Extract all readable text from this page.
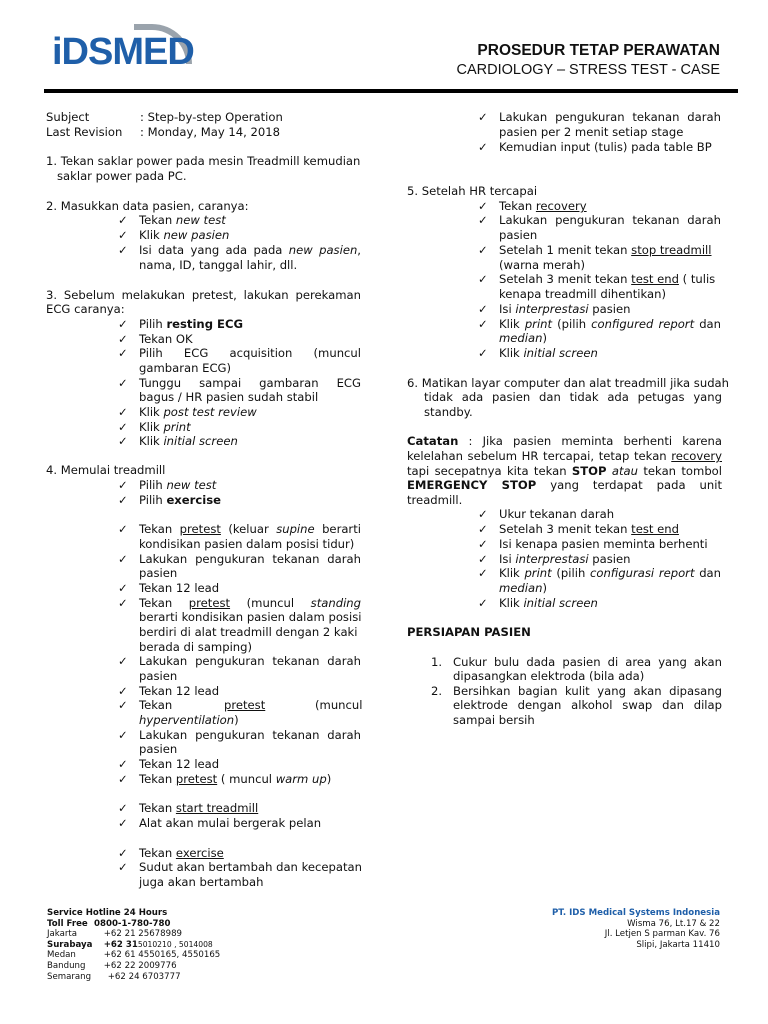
iDSMED	PROSEDUR TETAP PERAWATAN
CARDIOLOGY – STRESS TEST - CASE
Subject	: Step-by-step Operation
Last Revision : Monday, May 14, 2018
1. Tekan saklar power pada mesin Treadmill kemudian
saklar power pada PC.
2. Masukkan data pasien, caranya:
✓
Tekan new test
✓
Klik new pasien
✓
Isi data yang ada pada new pasien,
nama, ID, tanggal lahir, dll.
3. Sebelum melakukan pretest, lakukan perekaman
ECG caranya:
✓
Pilih resting ECG
✓
Tekan OK
✓
Pilih ECG acquisition (muncul
gambaran ECG)
✓
Tunggu sampai gambaran ECG
bagus / HR pasien sudah stabil
✓
Klik post test review
✓
Klik print
✓
Klik initial screen
4. Memulai treadmill
✓
Pilih new test
✓
Pilih exercise
✓
Tekan pretest (keluar supine berarti
kondisikan pasien dalam posisi tidur)
✓
Lakukan pengukuran tekanan darah
pasien
✓
Tekan 12 lead
✓
Tekan pretest (muncul standing
berarti kondisikan pasien dalam posisi
berdiri di alat treadmill dengan 2 kaki
berada di samping)
✓
Lakukan pengukuran tekanan darah
pasien
✓
Tekan 12 lead
✓
Tekan	pretest	(muncul
hyperventilation)
✓
Lakukan pengukuran tekanan darah
pasien
✓
Tekan 12 lead
✓
Tekan pretest ( muncul warm up)
✓
Tekan start treadmill
✓
Alat akan mulai bergerak pelan
✓
Tekan exercise
✓
Sudut akan bertambah dan kecepatan
juga akan bertambah
✓
Lakukan pengukuran tekanan darah
pasien per 2 menit setiap stage
✓
Kemudian input (tulis) pada table BP
5. Setelah HR tercapai
✓
Tekan recovery
✓
Lakukan pengukuran tekanan darah
pasien
✓
Setelah 1 menit tekan stop treadmill
(warna merah)
✓
Setelah 3 menit tekan test end ( tulis
kenapa treadmill dihentikan)
✓
Isi interprestasi pasien
✓
Klik print (pilih configured report dan
median)
✓
Klik initial screen
6. Matikan layar computer dan alat treadmill jika sudah
tidak ada pasien dan tidak ada petugas yang
standby.
Catatan : Jika pasien meminta berhenti karena
kelelahan sebelum HR tercapai, tetap tekan recovery
tapi secepatnya kita tekan STOP atau tekan tombol
EMERGENCY STOP yang terdapat pada unit
treadmill.
✓
Ukur tekanan darah
✓
Setelah 3 menit tekan test end
✓
Isi kenapa pasien meminta berhenti
✓
Isi interprestasi pasien
✓
Klik print (pilih configurasi report dan
median)
✓
Klik initial screen
PERSIAPAN PASIEN
1. Cukur bulu dada pasien di area yang akan
dipasangkan elektroda (bila ada)
2. Bersihkan bagian kulit yang akan dipasang
elektrode dengan alkohol swap dan dilap
sampai bersih
Service Hotline 24 Hours
Toll Free 0800-1-780-780
Jakarta	+62 21 25678989
Surabaya +62 315010210 , 5014008
Medan	+62 61 4550165, 4550165
Bandung +62 22 2009776
Semarang +62 24 6703777
PT. IDS Medical Systems Indonesia
Wisma 76, Lt.17 & 22
Jl. Letjen S parman Kav. 76
Slipi, Jakarta 11410
